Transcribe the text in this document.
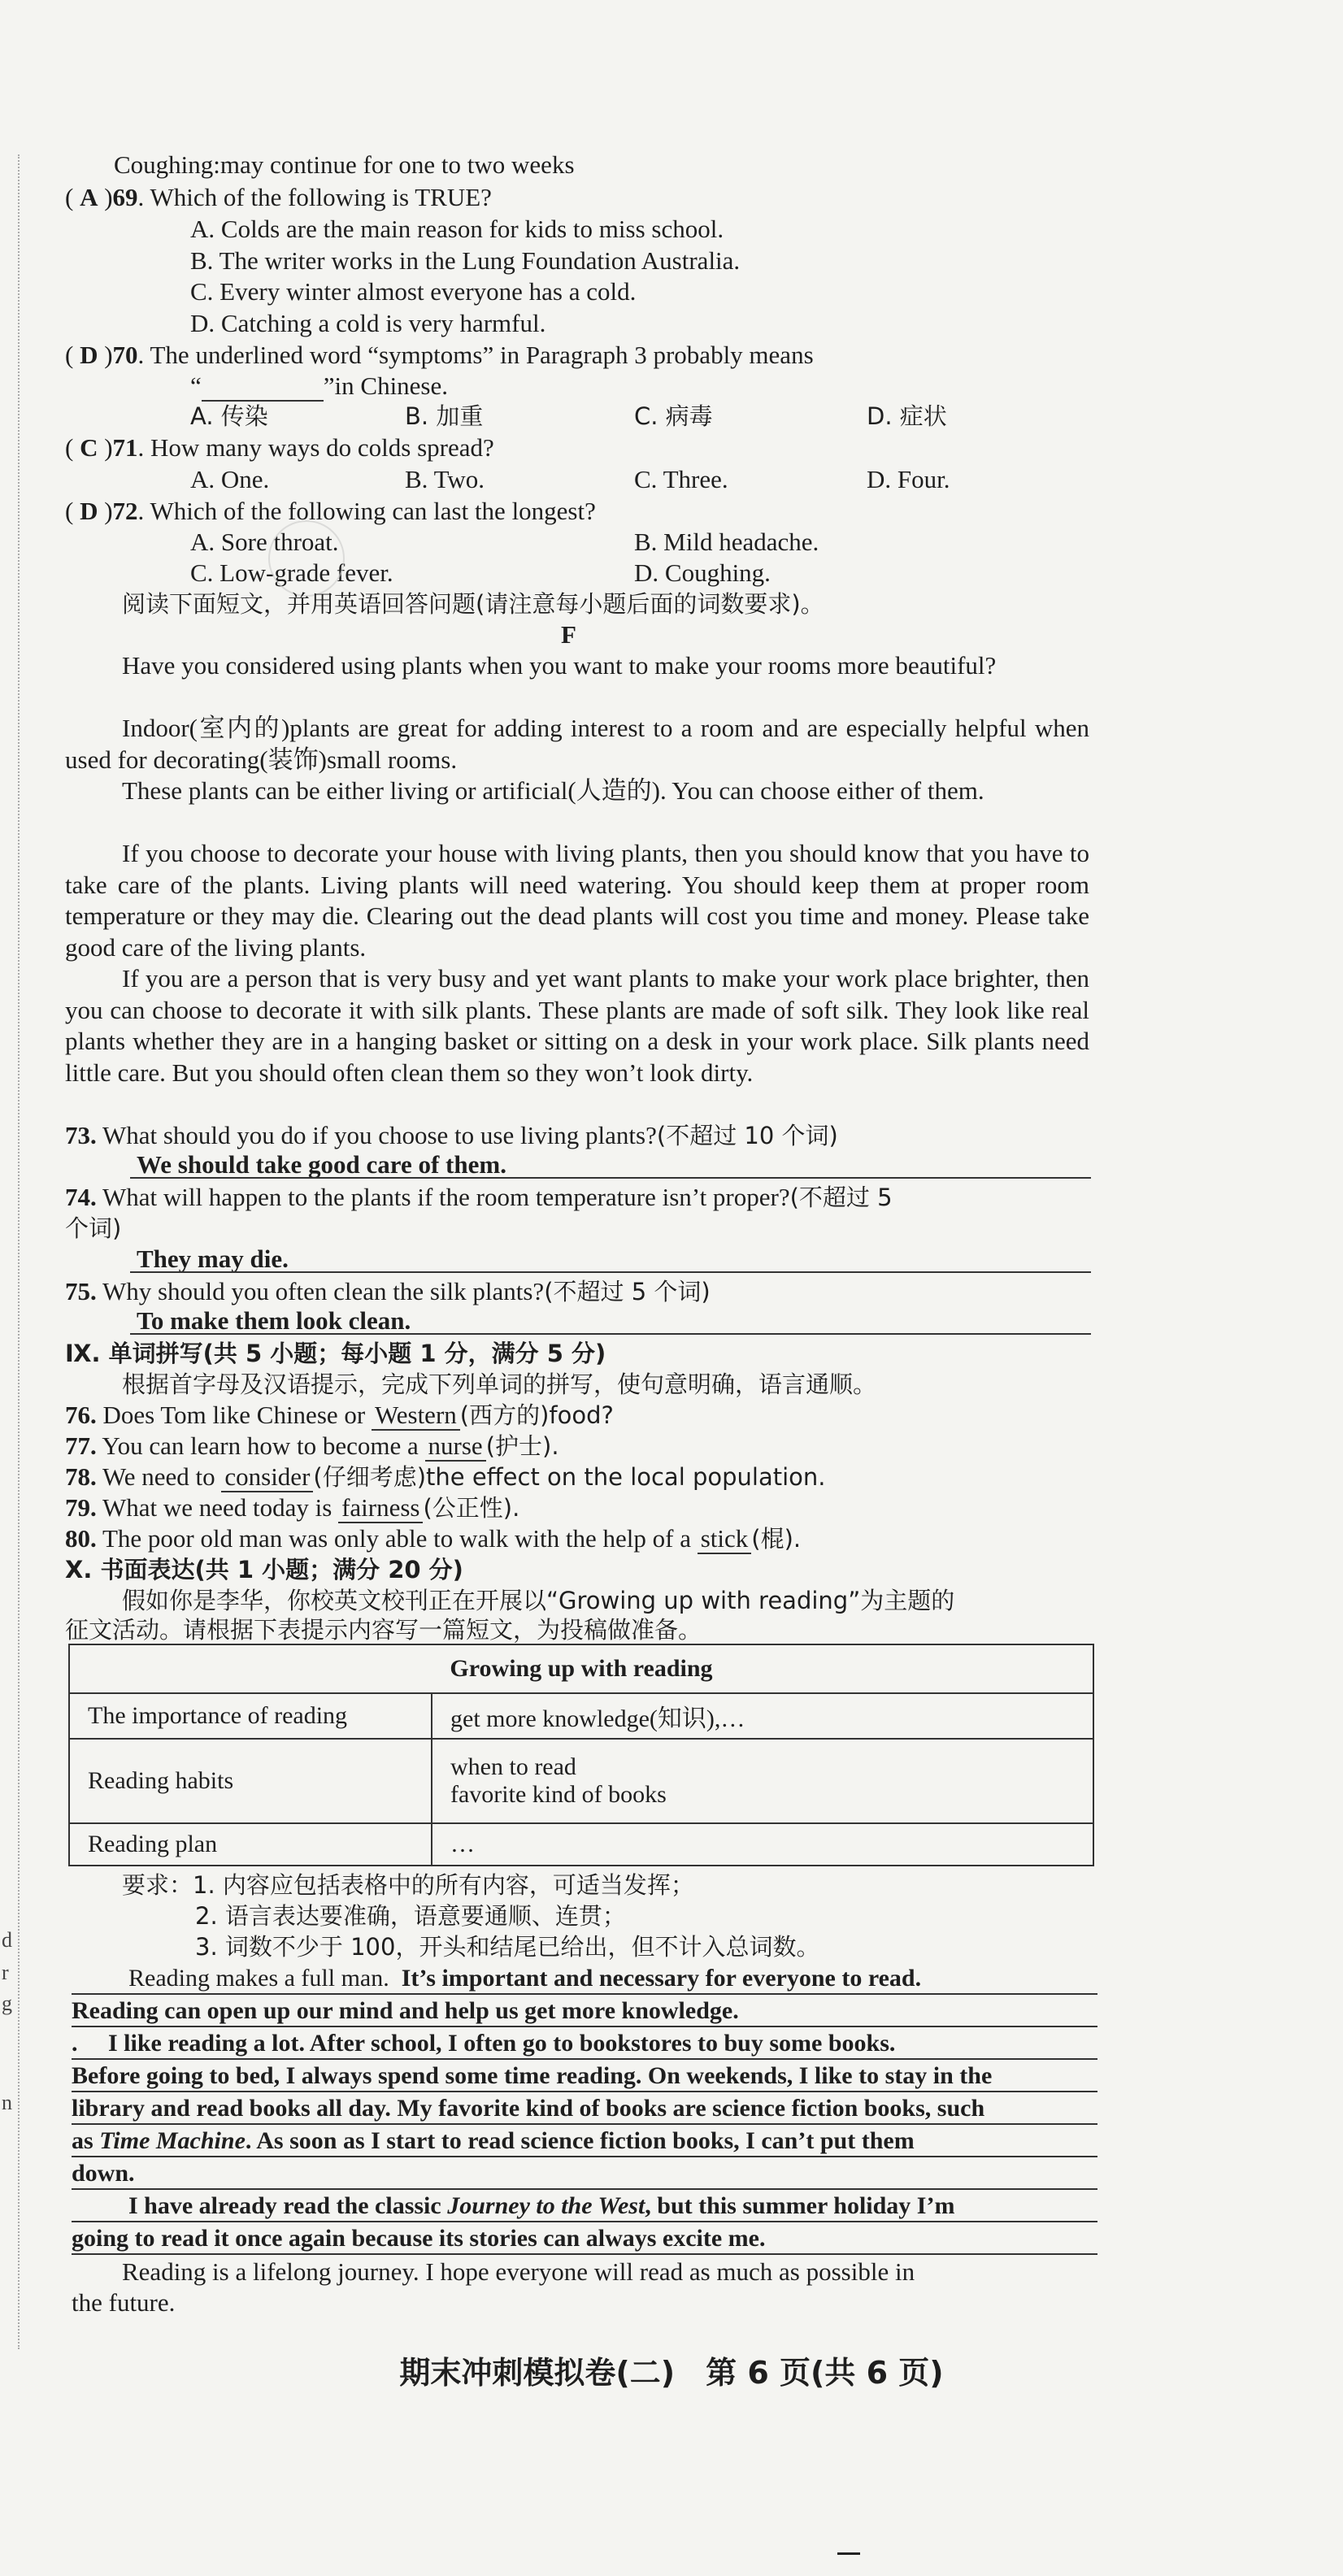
d
r
g
n
Coughing:may continue for one to two weeks
( A )69. Which of the following is TRUE?
A. Colds are the main reason for kids to miss school.
B. The writer works in the Lung Foundation Australia.
C. Every winter almost everyone has a cold.
D. Catching a cold is very harmful.
( D )70. The underlined word “symptoms” in Paragraph 3 probably means
“	”in Chinese.
A. 传染	B. 加重	C. 病毒	D. 症状
( C )71. How many ways do colds spread?
A. One.	B. Two.	C. Three.	D. Four.
( D )72. Which of the following can last the longest?
A. Sore throat.	B. Mild headache.
C. Low-grade fever.	D. Coughing.
阅读下面短文，并用英语回答问题(请注意每小题后面的词数要求)。
F
Have you considered using plants when you want to make your rooms more beautiful?
Indoor(室内的)plants are great for adding interest to a room and are especially helpful when used for decorating(装饰)small rooms.
These plants can be either living or artificial(人造的). You can choose either of them.
If you choose to decorate your house with living plants, then you should know that you have to take care of the plants. Living plants will need watering. You should keep them at proper room temperature or they may die. Clearing out the dead plants will cost you time and money. Please take good care of the living plants.
If you are a person that is very busy and yet want plants to make your work place brighter, then you can choose to decorate it with silk plants. These plants are made of soft silk. They look like real plants whether they are in a hanging basket or sitting on a desk in your work place. Silk plants need little care. But you should often clean them so they won’t look dirty.
73. What should you do if you choose to use living plants?(不超过 10 个词)
We should take good care of them.
74. What will happen to the plants if the room temperature isn’t proper?(不超过 5
个词)
They may die.
75. Why should you often clean the silk plants?(不超过 5 个词)
To make them look clean.
Ⅸ. 单词拼写(共 5 小题；每小题 1 分，满分 5 分)
根据首字母及汉语提示，完成下列单词的拼写，使句意明确，语言通顺。
76. Does Tom like Chinese or Western (西方的)food?
77. You can learn how to become a nurse (护士).
78. We need to consider (仔细考虑)the effect on the local population.
79. What we need today is fairness (公正性).
80. The poor old man was only able to walk with the help of a stick (棍).
Ⅹ. 书面表达(共 1 小题；满分 20 分)
假如你是李华，你校英文校刊正在开展以“Growing up with reading”为主题的
征文活动。请根据下表提示内容写一篇短文，为投稿做准备。
Growing up with reading	
The importance of reading	get more knowledge(知识),…
Reading habits	when to read
favorite kind of books

Reading plan	…
要求：1. 内容应包括表格中的所有内容，可适当发挥；
2. 语言表达要准确，语意要通顺、连贯；
3. 词数不少于 100，开头和结尾已给出，但不计入总词数。
Reading makes a full man. It’s important and necessary for everyone to read.
Reading can open up our mind and help us get more knowledge.
.     I like reading a lot. After school, I often go to bookstores to buy some books.
Before going to bed, I always spend some time reading. On weekends, I like to stay in the
library and read books all day. My favorite kind of books are science fiction books, such
as Time Machine. As soon as I start to read science fiction books, I can’t put them
down.
I have already read the classic Journey to the West, but this summer holiday I’m
going to read it once again because its stories can always excite me.
Reading is a lifelong journey. I hope everyone will read as much as possible in
the future.
期末冲刺模拟卷(二)　第 6 页(共 6 页)
